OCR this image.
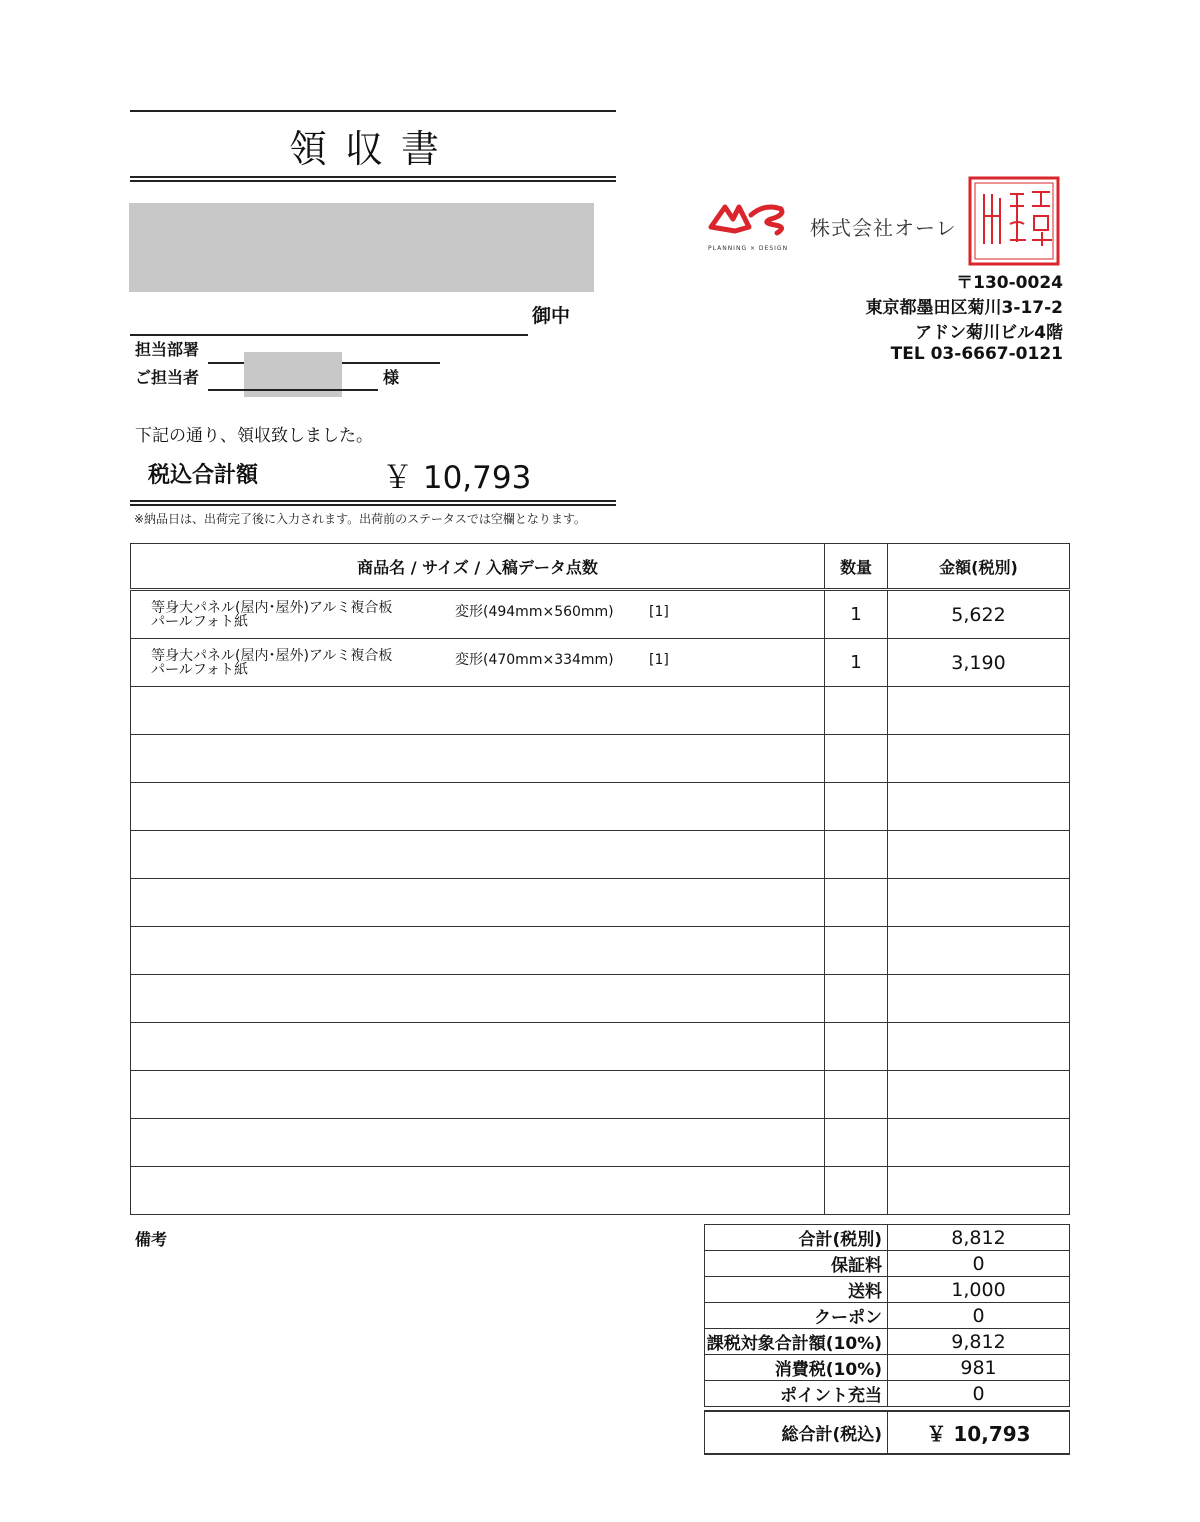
領収書
御中
担当部署
ご担当者	様
下記の通り、領収致しました。
税込合計額	￥ 10,793
※納品日は、出荷完了後に入力されます。出荷前のステータスでは空欄となります。
PLANNING × DESIGN
株式会社オーレ
〒130-0024
東京都墨田区菊川3-17-2
アドン菊川ビル4階
TEL 03-6667-0121
商品名 / サイズ / 入稿データ点数	数量	金額(税別)
等身大パネル(屋内･屋外)アルミ複合板
パールフォト紙
変形(494mm×560mm) [1]	1	5,622
等身大パネル(屋内･屋外)アルミ複合板
パールフォト紙
変形(470mm×334mm) [1]	1	3,190

備考	合計(税別)	8,812
保証料	0
送料	1,000
クーポン	0
課税対象合計額(10%)	9,812
消費税(10%)	981
ポイント充当	0

総合計(税込)	￥ 10,793
